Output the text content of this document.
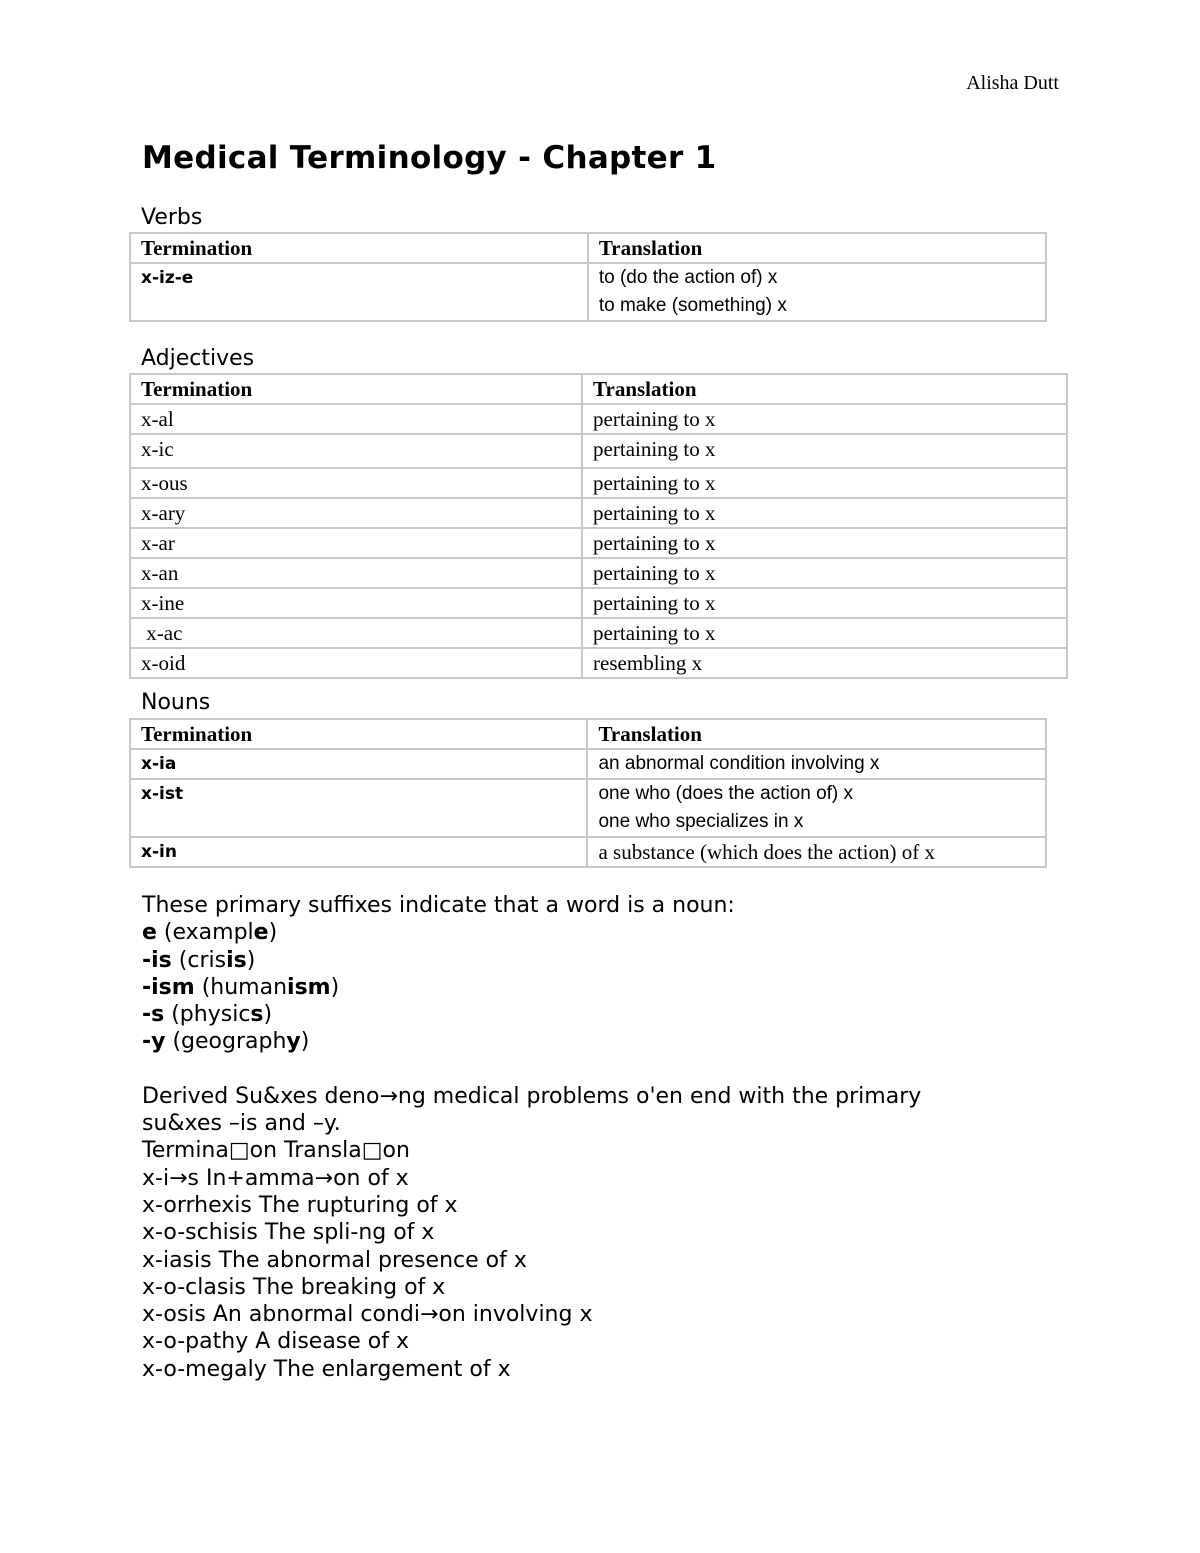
Alisha Dutt
Medical Terminology - Chapter 1
Verbs
Termination	Translation
x-iz-e	to (do the action of) x
to make (something) x
Adjectives
Termination	Translation
x-al	pertaining to x
x-ic	pertaining to x
x-ous	pertaining to x
x-ary	pertaining to x
x-ar	pertaining to x
x-an	pertaining to x
x-ine	pertaining to x
x-ac	pertaining to x
x-oid	resembling x
Nouns
Termination	Translation
x-ia	an abnormal condition involving x

x-ist	one who (does the action of) x
one who specializes in x

x-in	a substance (which does the action) of x
These primary suffixes indicate that a word is a noun:
e (example)
-is (crisis)
-ism (humanism)
-s (physics)
-y (geography)
Derived Su&xes deno→ng medical problems o'en end with the primary
su&xes –is and –y.
Termina□on Transla□on
x-i→s In+amma→on of x
x-orrhexis The rupturing of x
x-o-schisis The spli-ng of x
x-iasis The abnormal presence of x
x-o-clasis The breaking of x
x-osis An abnormal condi→on involving x
x-o-pathy A disease of x
x-o-megaly The enlargement of x
